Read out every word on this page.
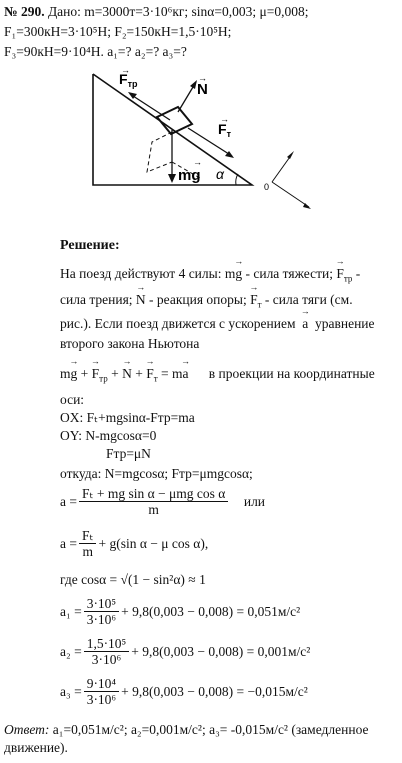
№ 290. Дано: m=3000т=3·10⁶кг; sinα=0,003; μ=0,008;
F₁=300кН=3·10⁵Н; F₂=150кН=1,5·10⁵Н;
F₃=90кН=9·10⁴Н. a₁=? a₂=? a₃=?
$F_{тр}$
→
N
→
$F_т$
→
mg
→
α
0
Решение:
На поезд действуют 4 силы: m→ g - сила тяжести; → $F_{тр}$ -
сила трения; → N - реакция опоры; → $F_т$ - сила тяги (см.
рис.). Если поезд движется с ускорением → a уравнение
второго закона Ньютона
m→ g + → $F_{тр}$ + → N + → $F_т = m\to a$ в проекции на координатные
оси:
OX: Fₜ+mgsinα-Fтр=ma
OY: N-mgcosα=0
Fтр=μN
откуда: N=mgcosα; Fтр=μmgcosα;
$a = \frac{\text{Fₜ + mg sin α − μmg cos α}}{m}$
или
$a = \frac{\text{Fₜ}}{m} + g(\sin$ α − μ cos α),
где cosα = √(1 − sin²α) ≈ 1
$a_1 = \frac{\text{3·10⁵}}{\text{3·10⁶}} + 9,8(0,003 - 0,008) = 0,051м/с^2$
$a_2 = \frac{\text{1,5·10⁵}}{\text{3·10⁶}} + 9,8(0,003 - 0,008) = 0,001м/с^2$
$a_3 = \frac{\text{9·10⁴}}{\text{3·10⁶}} + 9,8(0,003 - 0,008) = -0,015м/с^2$
Ответ: a₁=0,051м/с²; a₂=0,001м/с²; a₃= -0,015м/с² (замедленное
движение).
